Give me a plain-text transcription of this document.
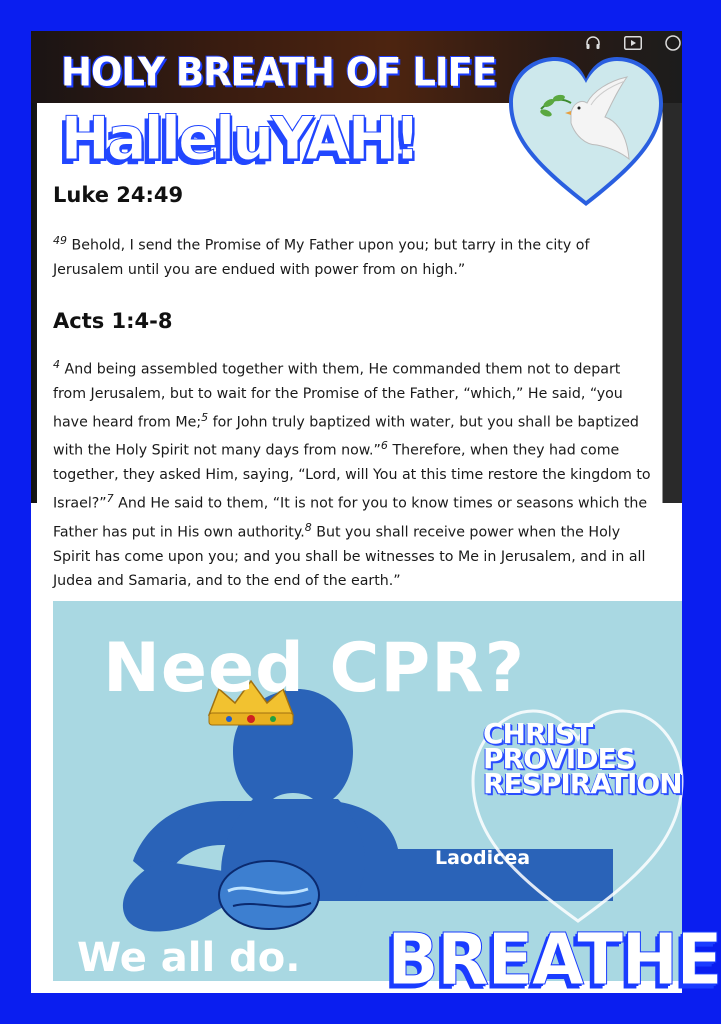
HOLY BREATH OF LIFE
HalleluYAH!
Luke 24:49

$^{49}$ Behold, I send the Promise of My Father upon you; but tarry in the city of Jerusalem until you are endued with power from on high.”

Acts 1:4-8

$^4$ And being assembled together with them, He commanded them not to depart from Jerusalem, but to wait for the Promise of the Father, “which,” He said, “you have heard from Me;$^5$ for John truly baptized with water, but you shall be baptized with the Holy Spirit not many days from now.”$^6$ Therefore, when they had come together, they asked Him, saying, “Lord, will You at this time restore the kingdom to Israel?”$^7$ And He said to them, “It is not for you to know times or seasons which the Father has put in His own authority.$^8$ But you shall receive power when the Holy Spirit has come upon you; and you shall be witnesses to Me in Jerusalem, and in all Judea and Samaria, and to the end of the earth.”

Need CPR?
CHRIST
PROVIDES
RESPIRATION
Laodicea
We all do. BREATHE
